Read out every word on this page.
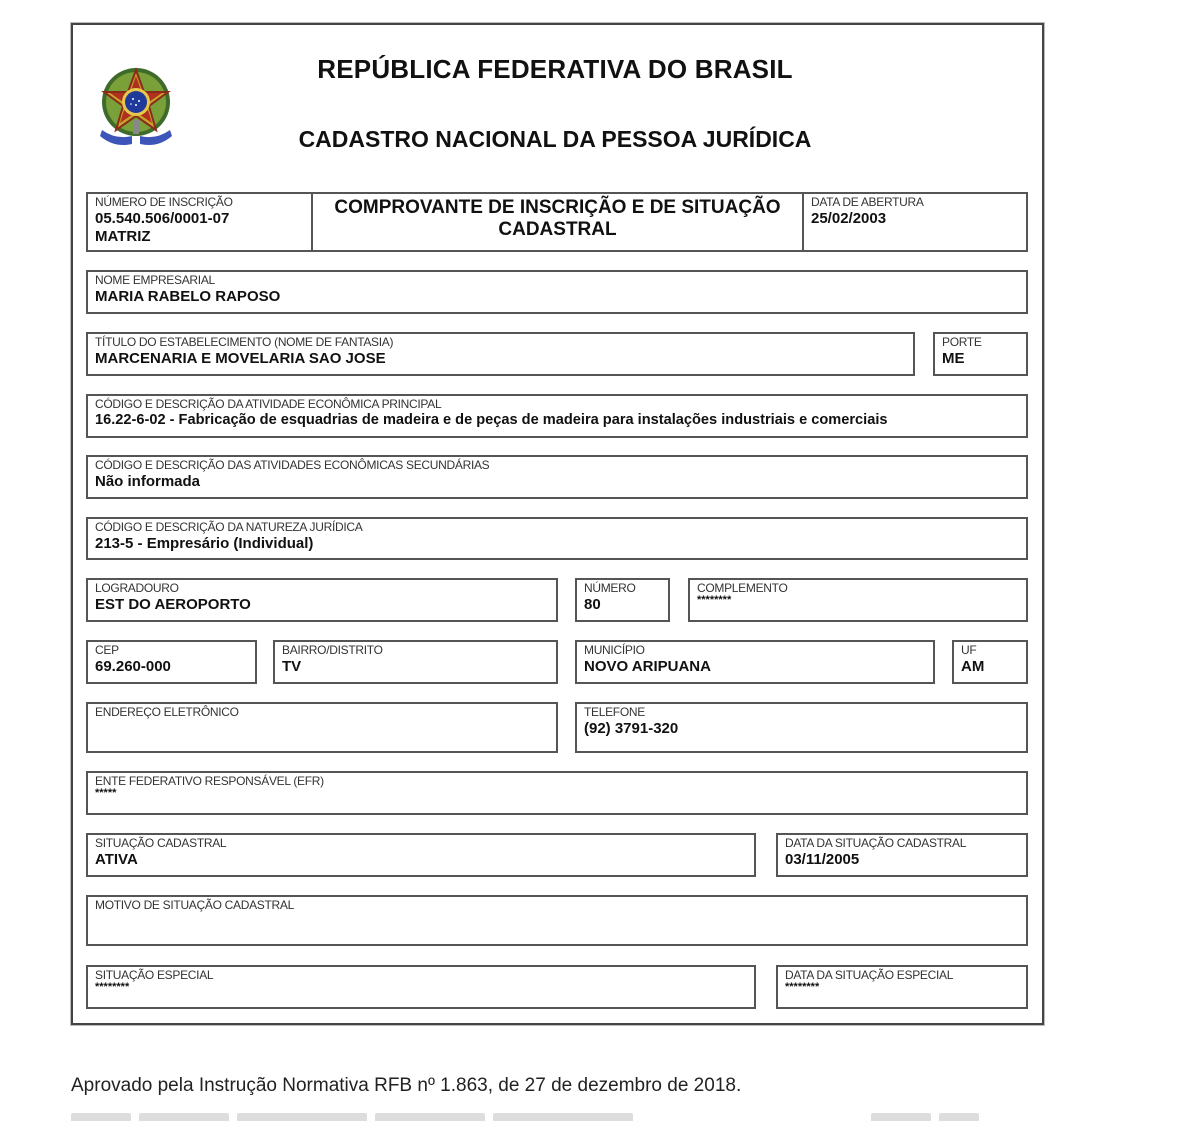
REPÚBLICA FEDERATIVA DO BRASIL
CADASTRO NACIONAL DA PESSOA JURÍDICA
NÚMERO DE INSCRIÇÃO
05.540.506/0001-07
MATRIZ
COMPROVANTE DE INSCRIÇÃO E DE SITUAÇÃO
CADASTRAL
DATA DE ABERTURA
25/02/2003
NOME EMPRESARIAL
MARIA RABELO RAPOSO
TÍTULO DO ESTABELECIMENTO (NOME DE FANTASIA)
MARCENARIA E MOVELARIA SAO JOSE
PORTE
ME
CÓDIGO E DESCRIÇÃO DA ATIVIDADE ECONÔMICA PRINCIPAL
16.22-6-02 - Fabricação de esquadrias de madeira e de peças de madeira para instalações industriais e comerciais
CÓDIGO E DESCRIÇÃO DAS ATIVIDADES ECONÔMICAS SECUNDÁRIAS
Não informada
CÓDIGO E DESCRIÇÃO DA NATUREZA JURÍDICA
213-5 - Empresário (Individual)
LOGRADOURO
EST DO AEROPORTO
NÚMERO
80
COMPLEMENTO
********
CEP
69.260-000
BAIRRO/DISTRITO
TV
MUNICÍPIO
NOVO ARIPUANA
UF
AM
ENDEREÇO ELETRÔNICO	TELEFONE
(92) 3791-320
ENTE FEDERATIVO RESPONSÁVEL (EFR)
*****
SITUAÇÃO CADASTRAL
ATIVA
DATA DA SITUAÇÃO CADASTRAL
03/11/2005
MOTIVO DE SITUAÇÃO CADASTRAL
SITUAÇÃO ESPECIAL
********
DATA DA SITUAÇÃO ESPECIAL
********
Aprovado pela Instrução Normativa RFB nº 1.863, de 27 de dezembro de 2018.
